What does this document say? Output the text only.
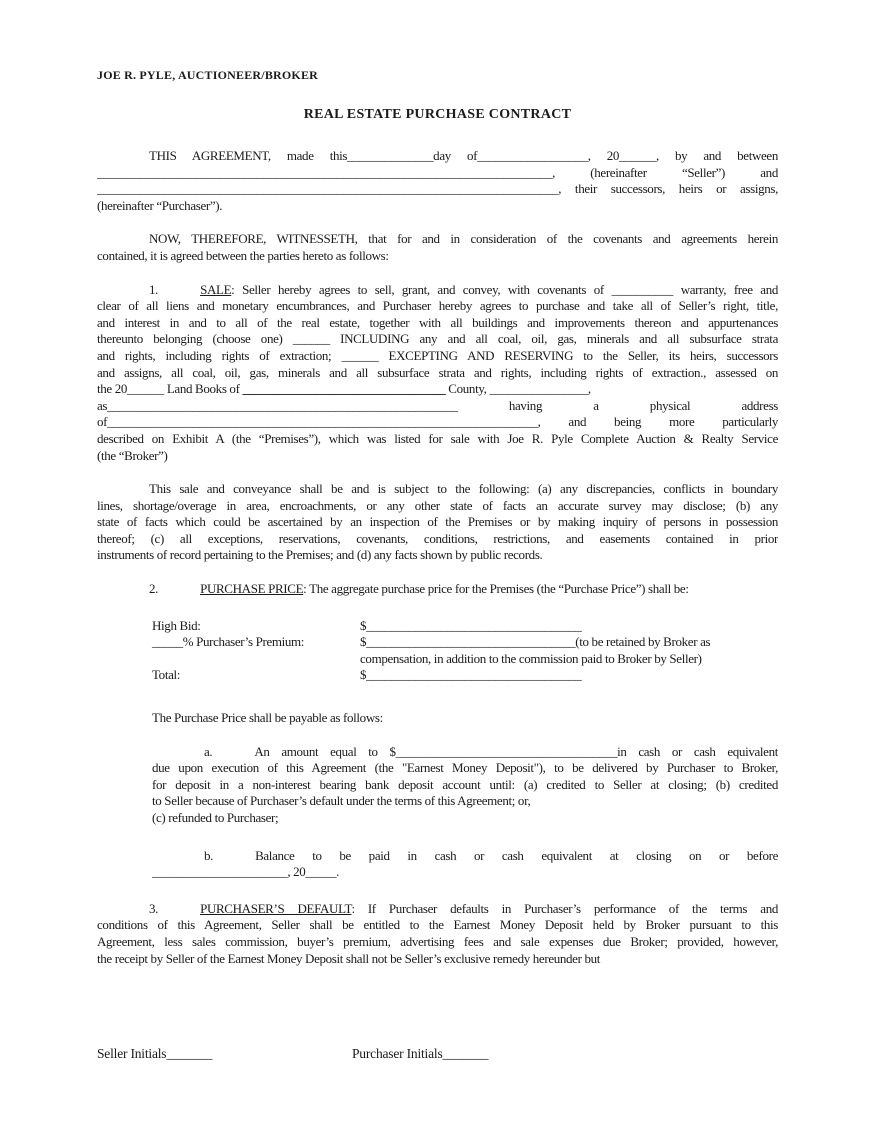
JOE R. PYLE, AUCTIONEER/BROKER
REAL ESTATE PURCHASE CONTRACT
THIS AGREEMENT, made this______________day of__________________, 20______, by and between
__________________________________________________________________________, (hereinafter “Seller”) and
___________________________________________________________________________, their successors, heirs or assigns,
(hereinafter “Purchaser”).
NOW, THEREFORE, WITNESSETH, that for and in consideration of the covenants and agreements herein
contained, it is agreed between the parties hereto as follows:
1.	SALE: Seller hereby agrees to sell, grant, and convey, with covenants of __________ warranty, free and
clear of all liens and monetary encumbrances, and Purchaser hereby agrees to purchase and take all of Seller’s right, title,
and interest in and to all of the real estate, together with all buildings and improvements thereon and appurtenances
thereunto belonging (choose one) ______ INCLUDING any and all coal, oil, gas, minerals and all subsurface strata
and rights, including rights of extraction; ______ EXCEPTING AND RESERVING to the Seller, its heirs, successors
and assigns, all coal, oil, gas, minerals and all subsurface strata and rights, including rights of extraction., assessed on
the 20______ Land Books of _________________________________ County, ________________,
as_________________________________________________________ having a physical address
of______________________________________________________________________, and being more particularly
described on Exhibit A (the “Premises”), which was listed for sale with Joe R. Pyle Complete Auction & Realty Service
(the “Broker”)
This sale and conveyance shall be and is subject to the following: (a) any discrepancies, conflicts in boundary
lines, shortage/overage in area, encroachments, or any other state of facts an accurate survey may disclose; (b) any
state of facts which could be ascertained by an inspection of the Premises or by making inquiry of persons in possession
thereof; (c) all exceptions, reservations, covenants, conditions, restrictions, and easements contained in prior
instruments of record pertaining to the Premises; and (d) any facts shown by public records.
2.	PURCHASE PRICE: The aggregate purchase price for the Premises (the “Purchase Price”) shall be:
High Bid:	$___________________________________
_____% Purchaser’s Premium:	$__________________________________(to be retained by Broker as
compensation, in addition to the commission paid to Broker by Seller)
Total:	$___________________________________
The Purchase Price shall be payable as follows:
a.	An amount equal to $____________________________________in cash or cash equivalent
due upon execution of this Agreement (the "Earnest Money Deposit"), to be delivered by Purchaser to Broker,
for deposit in a non-interest bearing bank deposit account until: (a) credited to Seller at closing; (b) credited
to Seller because of Purchaser’s default under the terms of this Agreement; or,
(c) refunded to Purchaser;
b.	Balance to be paid in cash or cash equivalent at closing on or before
______________________, 20_____.
3.	PURCHASER’S DEFAULT: If Purchaser defaults in Purchaser’s performance of the terms and
conditions of this Agreement, Seller shall be entitled to the Earnest Money Deposit held by Broker pursuant to this
Agreement, less sales commission, buyer’s premium, advertising fees and sale expenses due Broker; provided, however,
the receipt by Seller of the Earnest Money Deposit shall not be Seller’s exclusive remedy hereunder but
Seller Initials_______	Purchaser Initials_______
